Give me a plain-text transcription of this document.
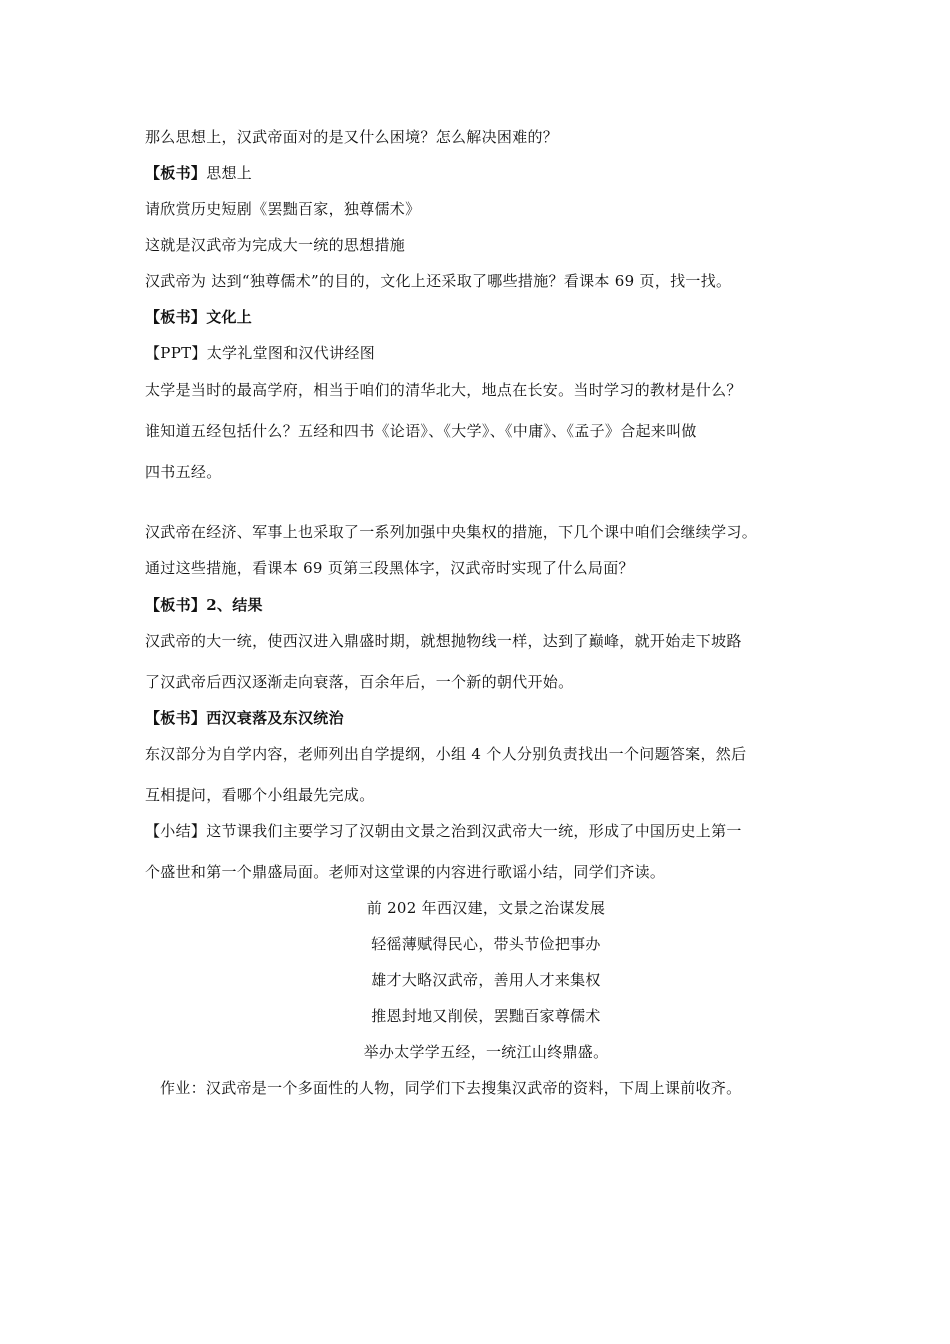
那么思想上，汉武帝面对的是又什么困境？怎么解决困难的？
【板书】思想上
请欣赏历史短剧《罢黜百家，独尊儒术》
这就是汉武帝为完成大一统的思想措施
汉武帝为 达到“独尊儒术”的目的，文化上还采取了哪些措施？看课本 69 页，找一找。
【板书】文化上
【PPT】太学礼堂图和汉代讲经图
太学是当时的最高学府，相当于咱们的清华北大，地点在长安。当时学习的教材是什么？
谁知道五经包括什么？五经和四书《论语》、《大学》、《中庸》、《孟子》合起来叫做
四书五经。
汉武帝在经济、军事上也采取了一系列加强中央集权的措施，下几个课中咱们会继续学习。
通过这些措施，看课本 69 页第三段黑体字，汉武帝时实现了什么局面？
【板书】2、结果
汉武帝的大一统，使西汉进入鼎盛时期，就想抛物线一样，达到了巅峰，就开始走下坡路
了汉武帝后西汉逐渐走向衰落，百余年后，一个新的朝代开始。
【板书】西汉衰落及东汉统治
东汉部分为自学内容，老师列出自学提纲，小组 4 个人分别负责找出一个问题答案，然后
互相提问，看哪个小组最先完成。
【小结】这节课我们主要学习了汉朝由文景之治到汉武帝大一统，形成了中国历史上第一
个盛世和第一个鼎盛局面。老师对这堂课的内容进行歌谣小结，同学们齐读。
前 202 年西汉建，文景之治谋发展
轻徭薄赋得民心，带头节俭把事办
雄才大略汉武帝，善用人才来集权
推恩封地又削侯，罢黜百家尊儒术
举办太学学五经，一统江山终鼎盛。
作业：汉武帝是一个多面性的人物，同学们下去搜集汉武帝的资料，下周上课前收齐。
